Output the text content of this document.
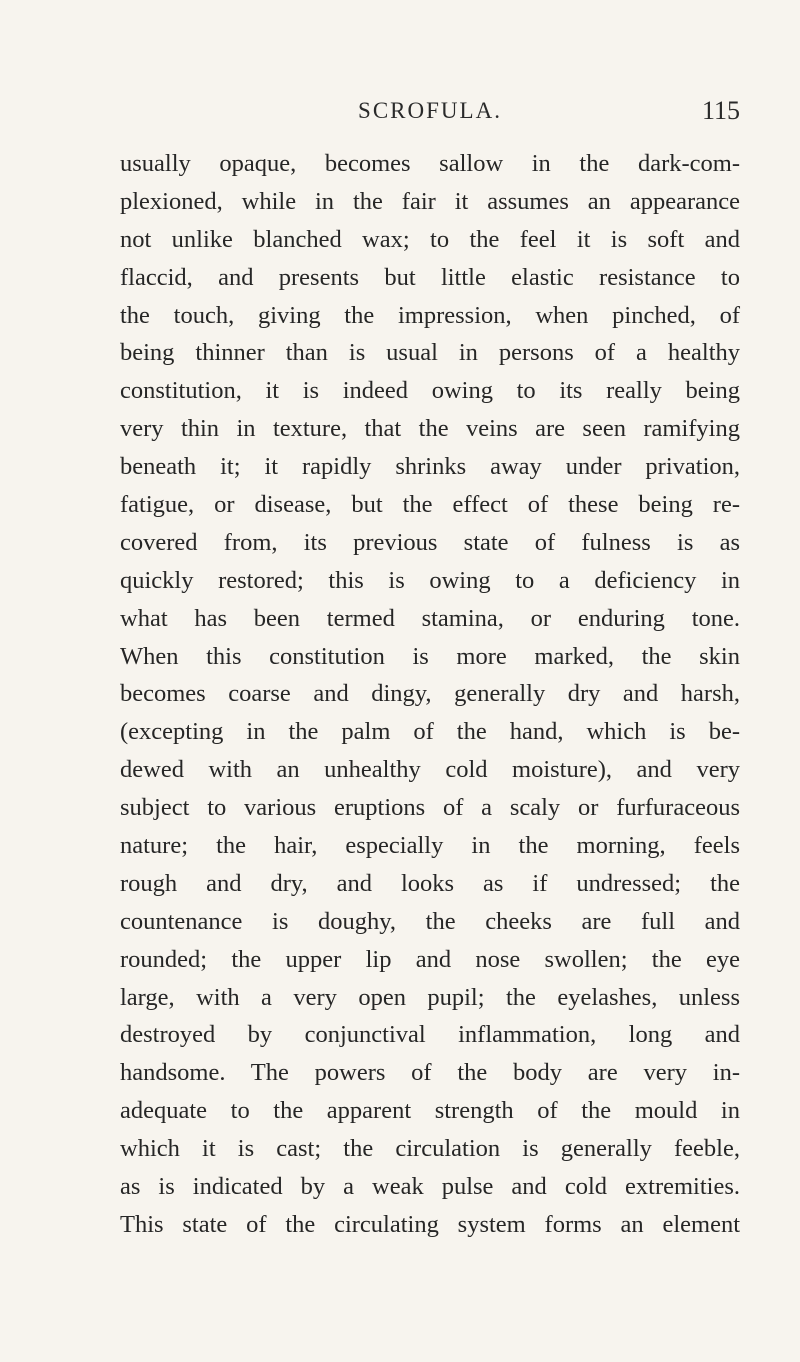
SCROFULA.	115
usually opaque, becomes sallow in the dark-com-
plexioned, while in the fair it assumes an appearance
not unlike blanched wax; to the feel it is soft and
flaccid, and presents but little elastic resistance to
the touch, giving the impression, when pinched, of
being thinner than is usual in persons of a healthy
constitution, it is indeed owing to its really being
very thin in texture, that the veins are seen ramifying
beneath it; it rapidly shrinks away under privation,
fatigue, or disease, but the effect of these being re-
covered from, its previous state of fulness is as
quickly restored; this is owing to a deficiency in
what has been termed stamina, or enduring tone.
When this constitution is more marked, the skin
becomes coarse and dingy, generally dry and harsh,
(excepting in the palm of the hand, which is be-
dewed with an unhealthy cold moisture), and very
subject to various eruptions of a scaly or furfuraceous
nature; the hair, especially in the morning, feels
rough and dry, and looks as if undressed; the
countenance is doughy, the cheeks are full and
rounded; the upper lip and nose swollen; the eye
large, with a very open pupil; the eyelashes, unless
destroyed by conjunctival inflammation, long and
handsome. The powers of the body are very in-
adequate to the apparent strength of the mould in
which it is cast; the circulation is generally feeble,
as is indicated by a weak pulse and cold extremities.
This state of the circulating system forms an element
